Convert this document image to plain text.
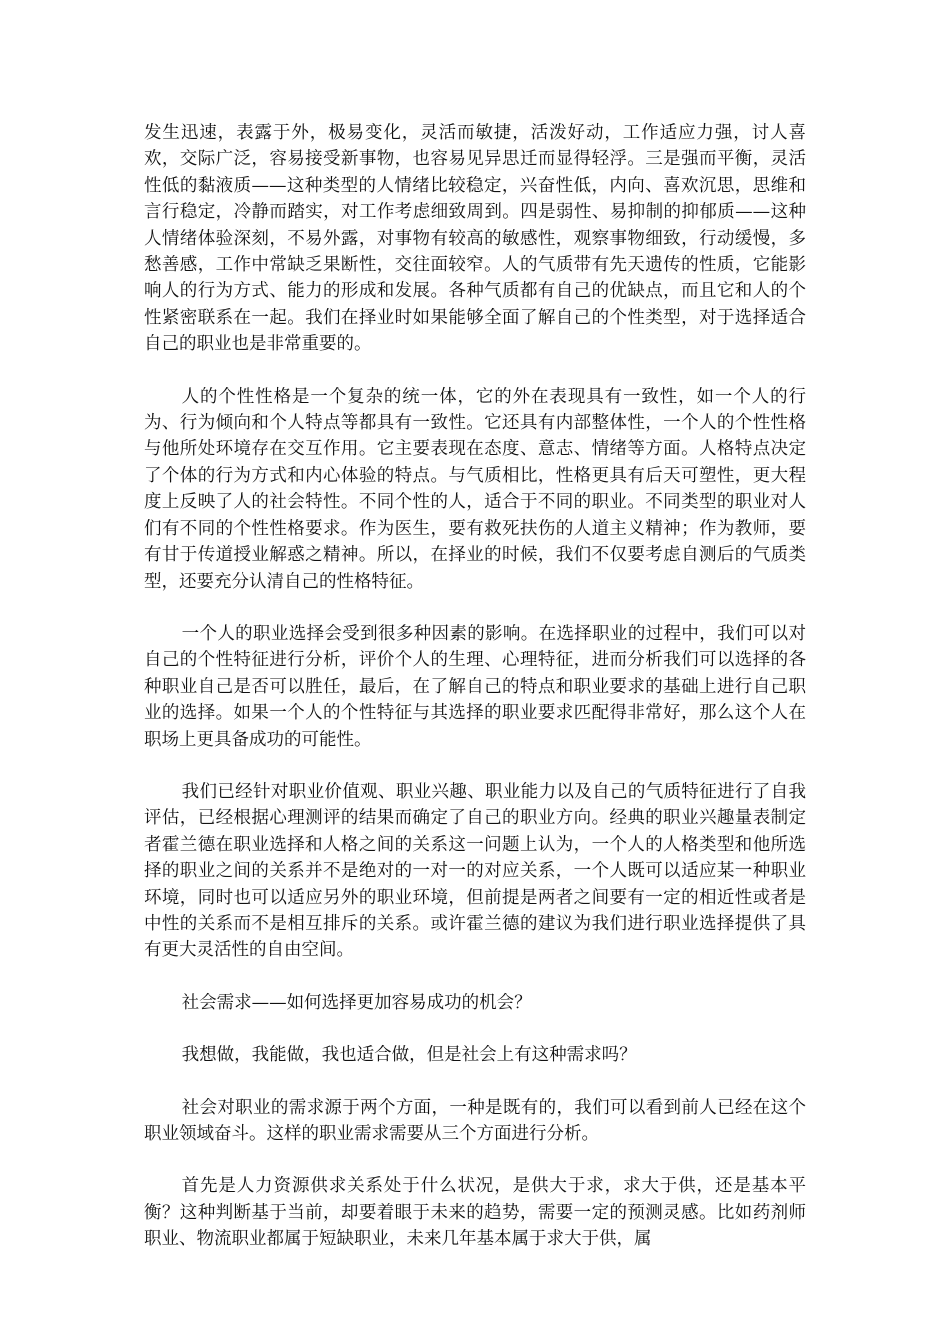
发生迅速，表露于外，极易变化，灵活而敏捷，活泼好动，工作适应力强，讨人喜欢，交际广泛，容易接受新事物，也容易见异思迁而显得轻浮。三是强而平衡，灵活性低的黏液质——这种类型的人情绪比较稳定，兴奋性低，内向、喜欢沉思，思维和言行稳定，冷静而踏实，对工作考虑细致周到。四是弱性、易抑制的抑郁质——这种人情绪体验深刻，不易外露，对事物有较高的敏感性，观察事物细致，行动缓慢，多愁善感，工作中常缺乏果断性，交往面较窄。人的气质带有先天遗传的性质，它能影响人的行为方式、能力的形成和发展。各种气质都有自己的优缺点，而且它和人的个性紧密联系在一起。我们在择业时如果能够全面了解自己的个性类型，对于选择适合自己的职业也是非常重要的。

人的个性性格是一个复杂的统一体，它的外在表现具有一致性，如一个人的行为、行为倾向和个人特点等都具有一致性。它还具有内部整体性，一个人的个性性格与他所处环境存在交互作用。它主要表现在态度、意志、情绪等方面。人格特点决定了个体的行为方式和内心体验的特点。与气质相比，性格更具有后天可塑性，更大程度上反映了人的社会特性。不同个性的人，适合于不同的职业。不同类型的职业对人们有不同的个性性格要求。作为医生，要有救死扶伤的人道主义精神；作为教师，要有甘于传道授业解惑之精神。所以，在择业的时候，我们不仅要考虑自测后的气质类型，还要充分认清自己的性格特征。

一个人的职业选择会受到很多种因素的影响。在选择职业的过程中，我们可以对自己的个性特征进行分析，评价个人的生理、心理特征，进而分析我们可以选择的各种职业自己是否可以胜任，最后，在了解自己的特点和职业要求的基础上进行自己职业的选择。如果一个人的个性特征与其选择的职业要求匹配得非常好，那么这个人在职场上更具备成功的可能性。

我们已经针对职业价值观、职业兴趣、职业能力以及自己的气质特征进行了自我评估，已经根据心理测评的结果而确定了自己的职业方向。经典的职业兴趣量表制定者霍兰德在职业选择和人格之间的关系这一问题上认为，一个人的人格类型和他所选择的职业之间的关系并不是绝对的一对一的对应关系，一个人既可以适应某一种职业环境，同时也可以适应另外的职业环境，但前提是两者之间要有一定的相近性或者是中性的关系而不是相互排斥的关系。或许霍兰德的建议为我们进行职业选择提供了具有更大灵活性的自由空间。

社会需求——如何选择更加容易成功的机会？

我想做，我能做，我也适合做，但是社会上有这种需求吗？

社会对职业的需求源于两个方面，一种是既有的，我们可以看到前人已经在这个职业领域奋斗。这样的职业需求需要从三个方面进行分析。

首先是人力资源供求关系处于什么状况，是供大于求，求大于供，还是基本平衡？这种判断基于当前，却要着眼于未来的趋势，需要一定的预测灵感。比如药剂师职业、物流职业都属于短缺职业，未来几年基本属于求大于供，属
